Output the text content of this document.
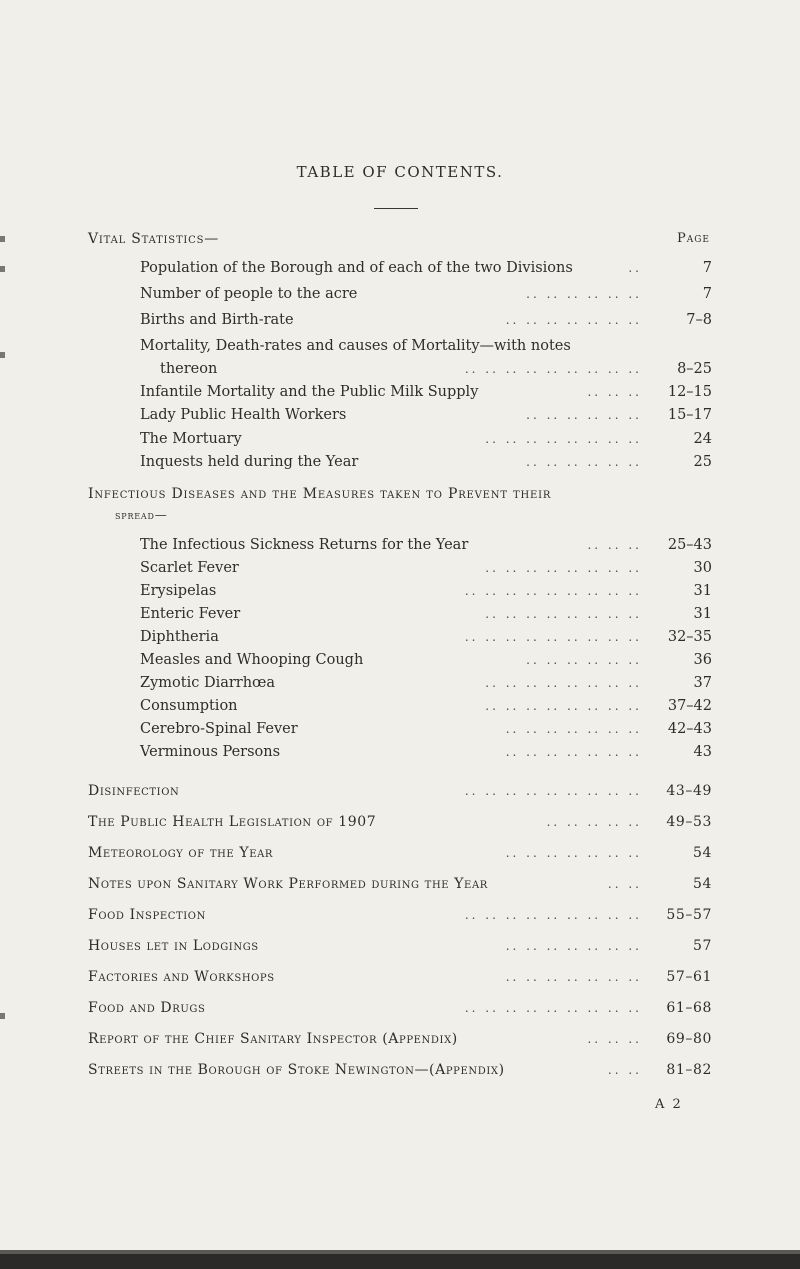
TABLE OF CONTENTS.
Page
Vital Statistics—
Population of the Borough and of each of the two Divisions	..	7
Number of people to the acre	.. .. .. .. .. ..	7
Births and Birth-rate	.. .. .. .. .. .. ..	7–8
Mortality, Death-rates and causes of Mortality—with notes
thereon	.. .. .. .. .. .. .. .. .. 8–25
Infantile Mortality and the Public Milk Supply	.. .. .. 12–15
Lady Public Health Workers	.. .. .. .. .. .. 15–17
The Mortuary	.. .. .. .. .. .. .. ..	24
Inquests held during the Year	.. .. .. .. .. ..	25
Infectious Diseases and the Measures taken to Prevent their
spread—
The Infectious Sickness Returns for the Year	.. .. .. 25–43
Scarlet Fever	.. .. .. .. .. .. .. ..	30
Erysipelas	.. .. .. .. .. .. .. .. ..	31
Enteric Fever	.. .. .. .. .. .. .. ..	31
Diphtheria	.. .. .. .. .. .. .. .. .. 32–35
Measles and Whooping Cough	.. .. .. .. .. ..	36
Zymotic Diarrhœa	.. .. .. .. .. .. .. ..	37
Consumption	.. .. .. .. .. .. .. .. 37–42
Cerebro-Spinal Fever	.. .. .. .. .. .. .. 42–43
Verminous Persons	.. .. .. .. .. .. ..	43
Disinfection	.. .. .. .. .. .. .. .. .. 43–49
The Public Health Legislation of 1907	.. .. .. .. .. 49–53
Meteorology of the Year	.. .. .. .. .. .. ..	54
Notes upon Sanitary Work Performed during the Year	.. ..	54
Food Inspection	.. .. .. .. .. .. .. .. .. 55–57
Houses let in Lodgings	.. .. .. .. .. .. ..	57
Factories and Workshops	.. .. .. .. .. .. .. 57–61
Food and Drugs	.. .. .. .. .. .. .. .. .. 61–68
Report of the Chief Sanitary Inspector (Appendix)	.. .. .. 69–80
Streets in the Borough of Stoke Newington—(Appendix)	.. .. 81–82
A 2
